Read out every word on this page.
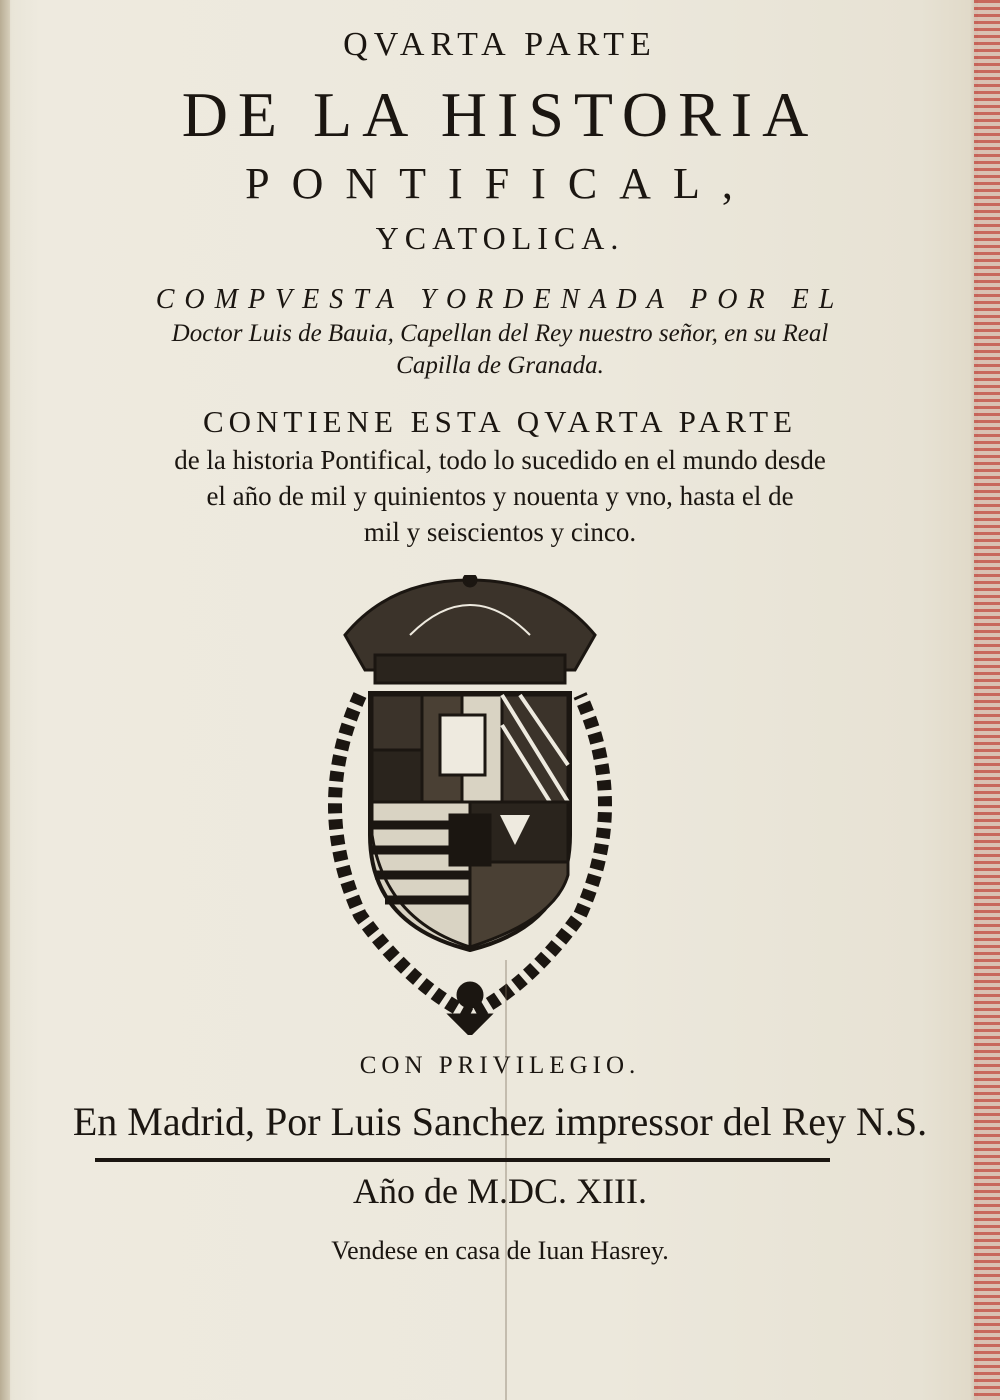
QVARTA PARTE
DE LA HISTORIA
PONTIFICAL,
YCATOLICA.
COMPVESTA YORDENADA POR EL
Doctor Luis de Bauia, Capellan del Rey nuestro señor, en su Real
Capilla de Granada.
CONTIENE ESTA QVARTA PARTE
de la historia Pontifical, todo lo sucedido en el mundo desde
el año de mil y quinientos y nouenta y vno, hasta el de
mil y seiscientos y cinco.
CON PRIVILEGIO.
En Madrid, Por Luis Sanchez impressor del Rey N.S.
Año de M.DC. XIII.
Vendese en casa de Iuan Hasrey.
